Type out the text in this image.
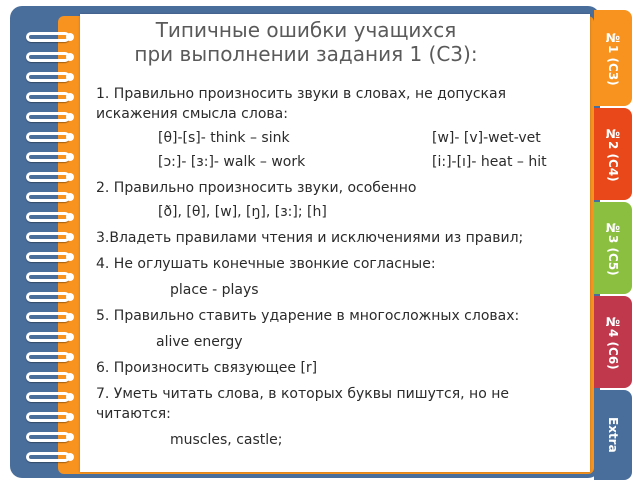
Типичные ошибки учащихся
при выполнении задания 1 (С3):
1. Правильно произносить звуки в словах, не допуская
искажения смысла слова:
[θ]-[s]- think – sink	[w]- [v]-wet-vet
[ɔ:]- [з:]- walk – work	[i:]-[ı]- heat – hit
2. Правильно произносить звуки, особенно
[ð], [θ], [w], [ŋ], [з:]; [h]
3.Владеть правилами чтения и исключениями из правил;
4. Не оглушать конечные звонкие согласные:
place - plays
5. Правильно ставить ударение в многосложных словах:
alive energy
6. Произносить связующее [r]
7. Уметь читать слова, в которых буквы пишутся, но не
читаются:
muscles, castle;
№1 (С3)
№2 (С4)
№3 (С5)
№4 (С6)
Extra
‹	›
